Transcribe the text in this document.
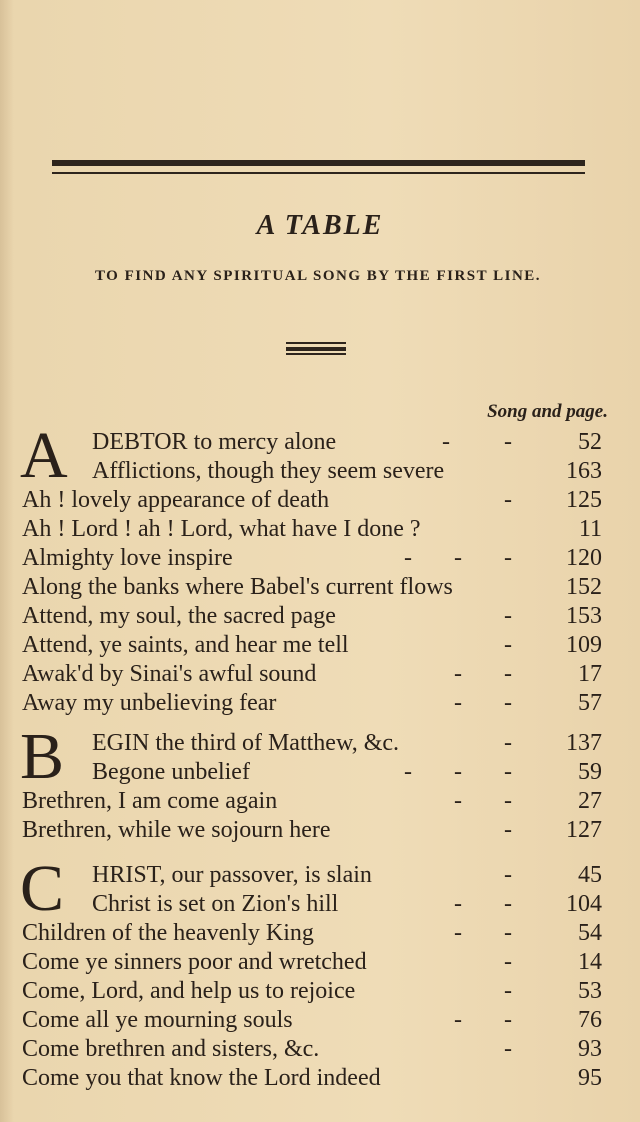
A TABLE
TO FIND ANY SPIRITUAL SONG BY THE FIRST LINE.
Song and page.
A DEBTOR to mercy alone	-         -	52
Afflictions, though they seem severe	163
Ah ! lovely appearance of death	-	125
Ah ! Lord ! ah ! Lord, what have I done ?	11
Almighty love inspire	-       -       -	120
Along the banks where Babel's current flows	152
Attend, my soul, the sacred page	-	153
Attend, ye saints, and hear me tell	-	109
Awak'd by Sinai's awful sound	-       -	17
Away my unbelieving fear	-       -	57
B EGIN the third of Matthew, &c.	-	137
Begone unbelief	-       -       -	59
Brethren, I am come again	-       -	27
Brethren, while we sojourn here	-	127
C HRIST, our passover, is slain	-	45
Christ is set on Zion's hill	-       -	104
Children of the heavenly King	-       -	54
Come ye sinners poor and wretched	-	14
Come, Lord, and help us to rejoice	-	53
Come all ye mourning souls	-       -	76
Come brethren and sisters, &c.	-	93
Come you that know the Lord indeed	95
